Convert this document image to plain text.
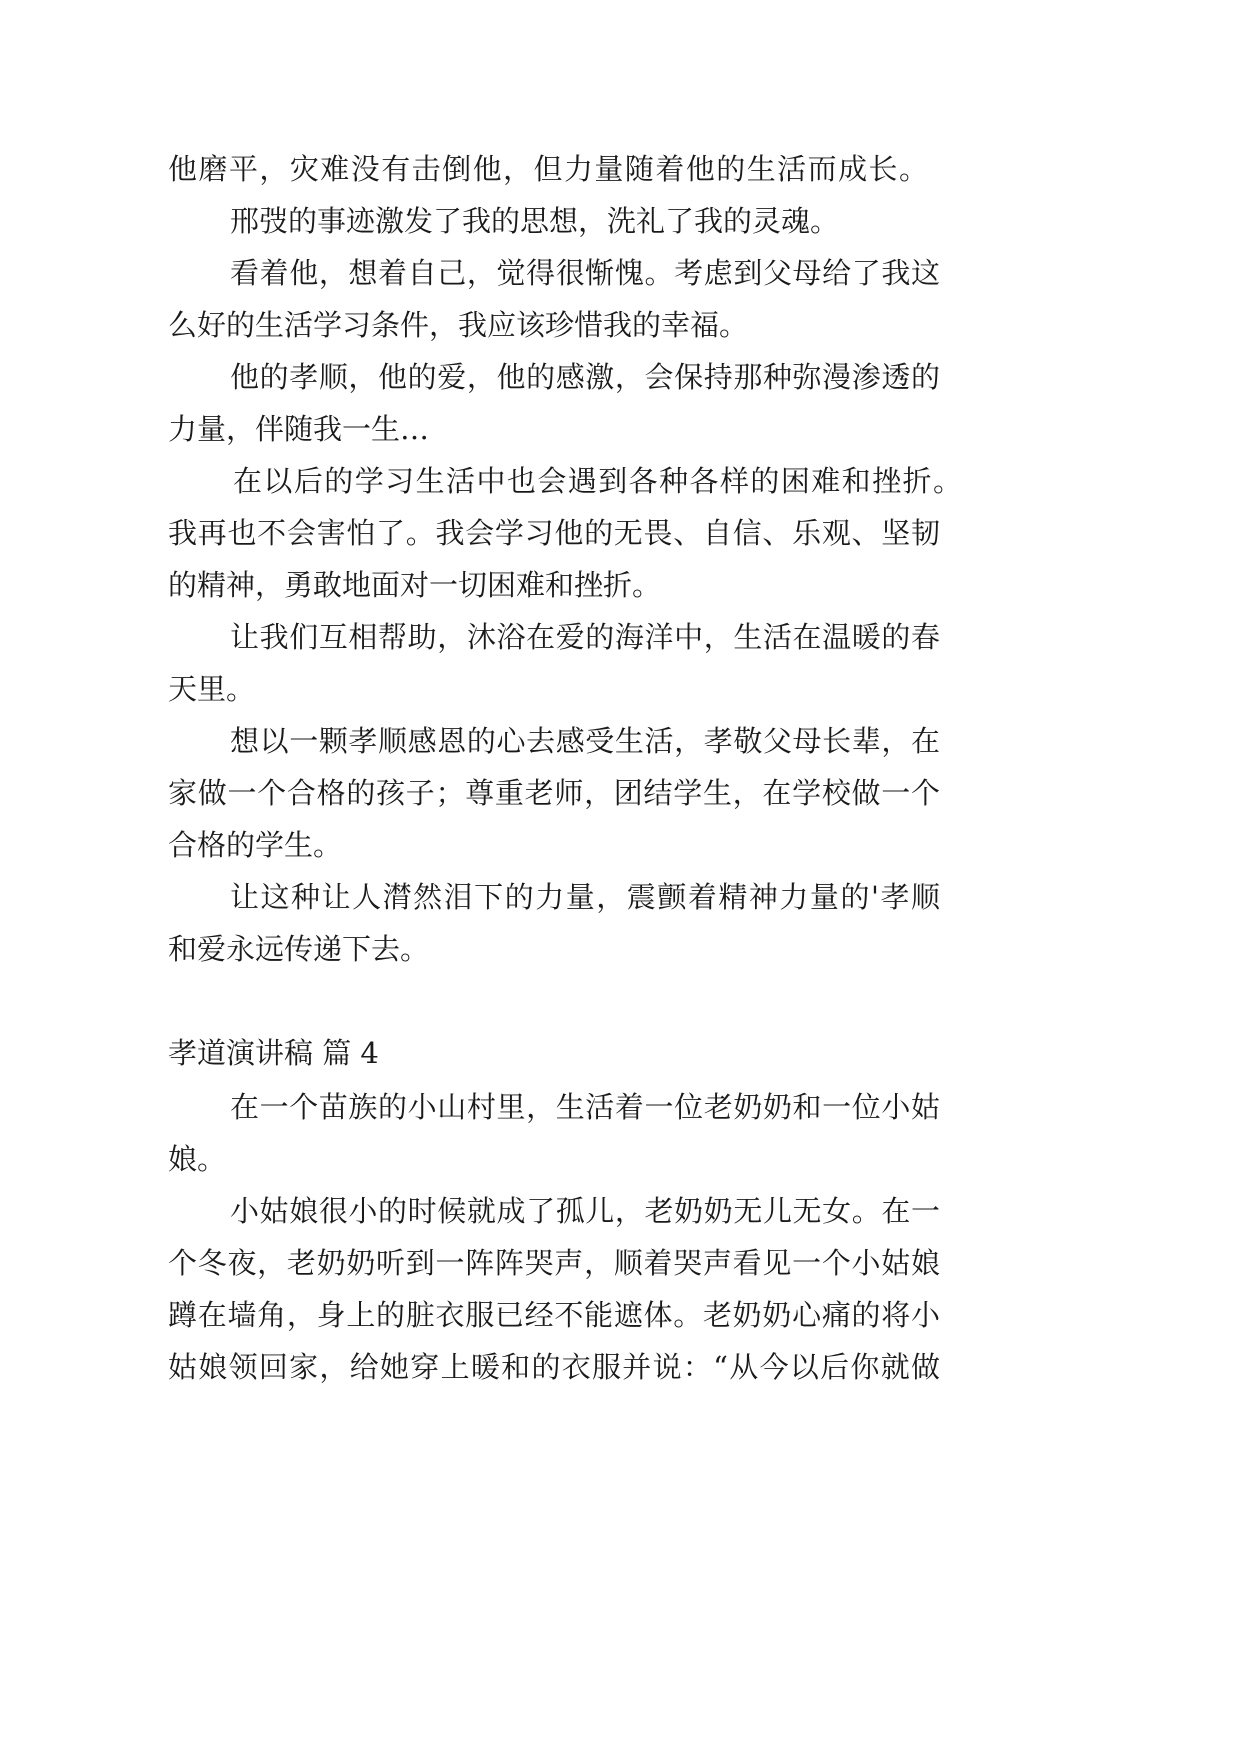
他磨平，灾难没有击倒他，但力量随着他的生活而成长。
邢弢的事迹激发了我的思想，洗礼了我的灵魂。
看着他，想着自己，觉得很惭愧。考虑到父母给了我这
么好的生活学习条件，我应该珍惜我的幸福。
他的孝顺，他的爱，他的感激，会保持那种弥漫渗透的
力量，伴随我一生…
在以后的学习生活中也会遇到各种各样的困难和挫折。
我再也不会害怕了。我会学习他的无畏、自信、乐观、坚韧
的精神，勇敢地面对一切困难和挫折。
让我们互相帮助，沐浴在爱的海洋中，生活在温暖的春
天里。
想以一颗孝顺感恩的心去感受生活，孝敬父母长辈，在
家做一个合格的孩子；尊重老师，团结学生，在学校做一个
合格的学生。
让这种让人潸然泪下的力量，震颤着精神力量的'孝顺
和爱永远传递下去。
孝道演讲稿 篇 4
在一个苗族的小山村里，生活着一位老奶奶和一位小姑
娘。
小姑娘很小的时候就成了孤儿，老奶奶无儿无女。在一
个冬夜，老奶奶听到一阵阵哭声，顺着哭声看见一个小姑娘
蹲在墙角，身上的脏衣服已经不能遮体。老奶奶心痛的将小
姑娘领回家，给她穿上暖和的衣服并说：“从今以后你就做
